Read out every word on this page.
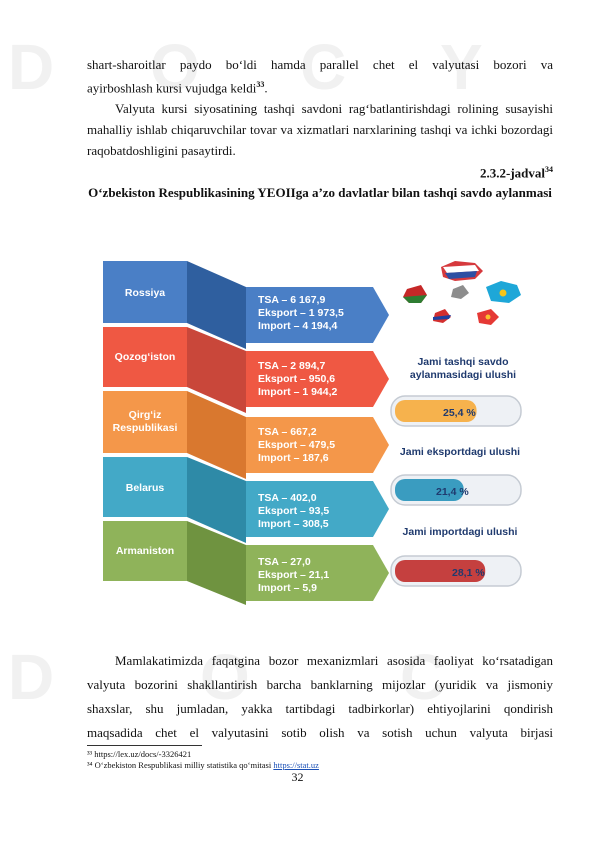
D O C Y
D O C
shart-sharoitlar paydo bo‘ldi hamda parallel chet el valyutasi bozori va
ayirboshlash kursi vujudga keldi$^{33}$.
Valyuta kursi siyosatining tashqi savdoni rag‘batlantirishdagi rolining susayishi mahalliy ishlab chiqaruvchilar tovar va xizmatlari narxlarining tashqi va ichki bozordagi raqobatdoshligini pasaytirdi.
2.3.2-jadval$^{34}$
O‘zbekiston Respublikasining YEOIIga a’zo davlatlar bilan tashqi savdo aylanmasi
Rossiya
TSA – 6 167,9
Eksport – 1 973,5
Import – 4 194,4
Qozog‘iston
TSA – 2 894,7
Eksport – 950,6
Import – 1 944,2
Qirg‘iz
Respublikasi	TSA – 667,2
Eksport – 479,5
Import – 187,6
Belarus
TSA – 402,0
Eksport – 93,5
Import – 308,5
Armaniston
TSA – 27,0
Eksport – 21,1
Import – 5,9
Jami tashqi savdo
aylanmasidagi ulushi
25,4 %
Jami eksportdagi ulushi
21,4 %
Jami importdagi ulushi
28,1 %
Mamlakatimizda faqatgina bozor mexanizmlari asosida faoliyat ko‘rsatadigan
valyuta bozorini shakllantirish barcha banklarning mijozlar (yuridik va jismoniy
shaxslar, shu jumladan, yakka tartibdagi tadbirkorlar) ehtiyojlarini qondirish
maqsadida chet el valyutasini sotib olish va sotish uchun valyuta birjasi
³³ https://lex.uz/docs/-3326421
³⁴ O‘zbekiston Respublikasi milliy statistika qo‘mitasi https://stat.uz
32
